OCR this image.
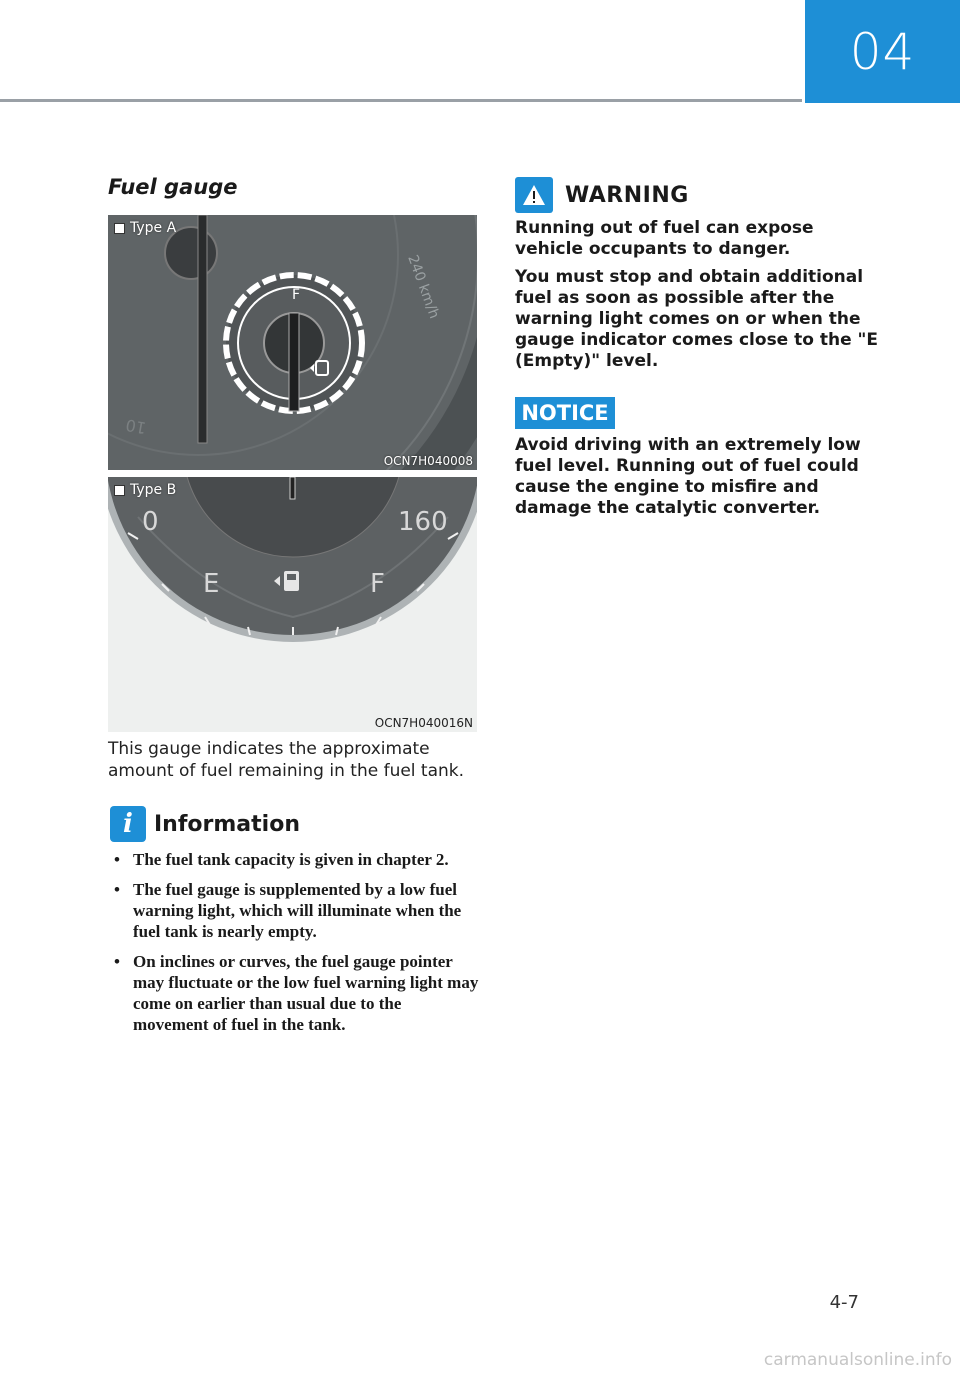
04
Fuel gauge
F	240 km/h
10
Type A
OCN7H040008
0	160
E	F
Type B
OCN7H040016N
This gauge indicates the approximate amount of fuel remaining in the fuel tank.
i Information
• The fuel tank capacity is given in chapter 2.
• The fuel gauge is supplemented by a low fuel warning light, which will illuminate when the fuel tank is nearly empty.
• On inclines or curves, the fuel gauge pointer may fluctuate or the low fuel warning light may come on earlier than usual due to the movement of fuel in the tank.
WARNING
Running out of fuel can expose vehicle occupants to danger.
You must stop and obtain additional fuel as soon as possible after the warning light comes on or when the gauge indicator comes close to the "E (Empty)" level.
NOTICE
Avoid driving with an extremely low fuel level. Running out of fuel could cause the engine to misfire and damage the catalytic converter.
4-7
carmanualsonline.info
